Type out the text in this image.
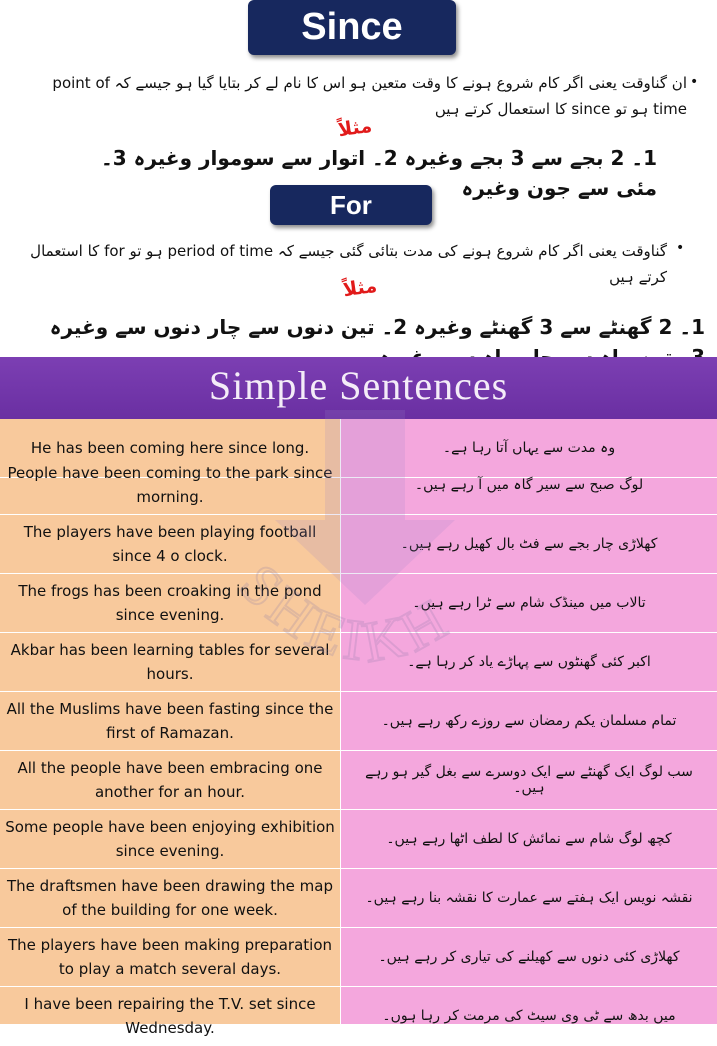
Since
•
ان گناوقت یعنی اگر کام شروع ہونے کا وقت متعین ہو اس کا نام لے کر بتایا گیا ہو جیسے کہ point of time ہو تو since کا استعمال کرتے ہیں
مثلاً
1۔ 2 بجے سے 3 بجے وغیرہ 2۔ اتوار سے سوموار وغیرہ 3۔ مئی سے جون وغیرہ
For
•
گناوقت یعنی اگر کام شروع ہونے کی مدت بتائی گئی جیسے کہ period of time ہو تو for کا استعمال کرتے ہیں
مثلاً
1۔ 2 گھنٹے سے 3 گھنٹے وغیرہ 2۔ تین دنوں سے چار دنوں سے وغیرہ
Simple Sentences
He has been coming here since long.	وہ مدت سے یہاں آتا رہا ہے۔
People have been coming to the park since morning.
لوگ صبح سے سیر گاہ میں آ رہے ہیں۔
The players have been playing football since 4 o clock.
کھلاڑی چار بجے سے فٹ بال کھیل رہے ہیں۔
The frogs has been croaking in the pond since evening.
تالاب میں مینڈک شام سے ٹرا رہے ہیں۔
Akbar has been learning tables for several hours.
اکبر کئی گھنٹوں سے پہاڑے یاد کر رہا ہے۔
All the Muslims have been fasting since the first of Ramazan.
تمام مسلمان یکم رمضان سے روزے رکھ رہے ہیں۔
All the people have been embracing one another for an hour.
سب لوگ ایک گھنٹے سے ایک دوسرے سے بغل گیر ہو رہے ہیں۔
Some people have been enjoying exhibition since evening.
کچھ لوگ شام سے نمائش کا لطف اٹھا رہے ہیں۔
The draftsmen have been drawing the map of the building for one week.
نقشہ نویس ایک ہفتے سے عمارت کا نقشہ بنا رہے ہیں۔
The players have been making preparation to play a match several days.
کھلاڑی کئی دنوں سے کھیلنے کی تیاری کر رہے ہیں۔
I have been repairing the T.V. set since Wednesday.
میں بدھ سے ٹی وی سیٹ کی مرمت کر رہا ہوں۔
SHEIKH
